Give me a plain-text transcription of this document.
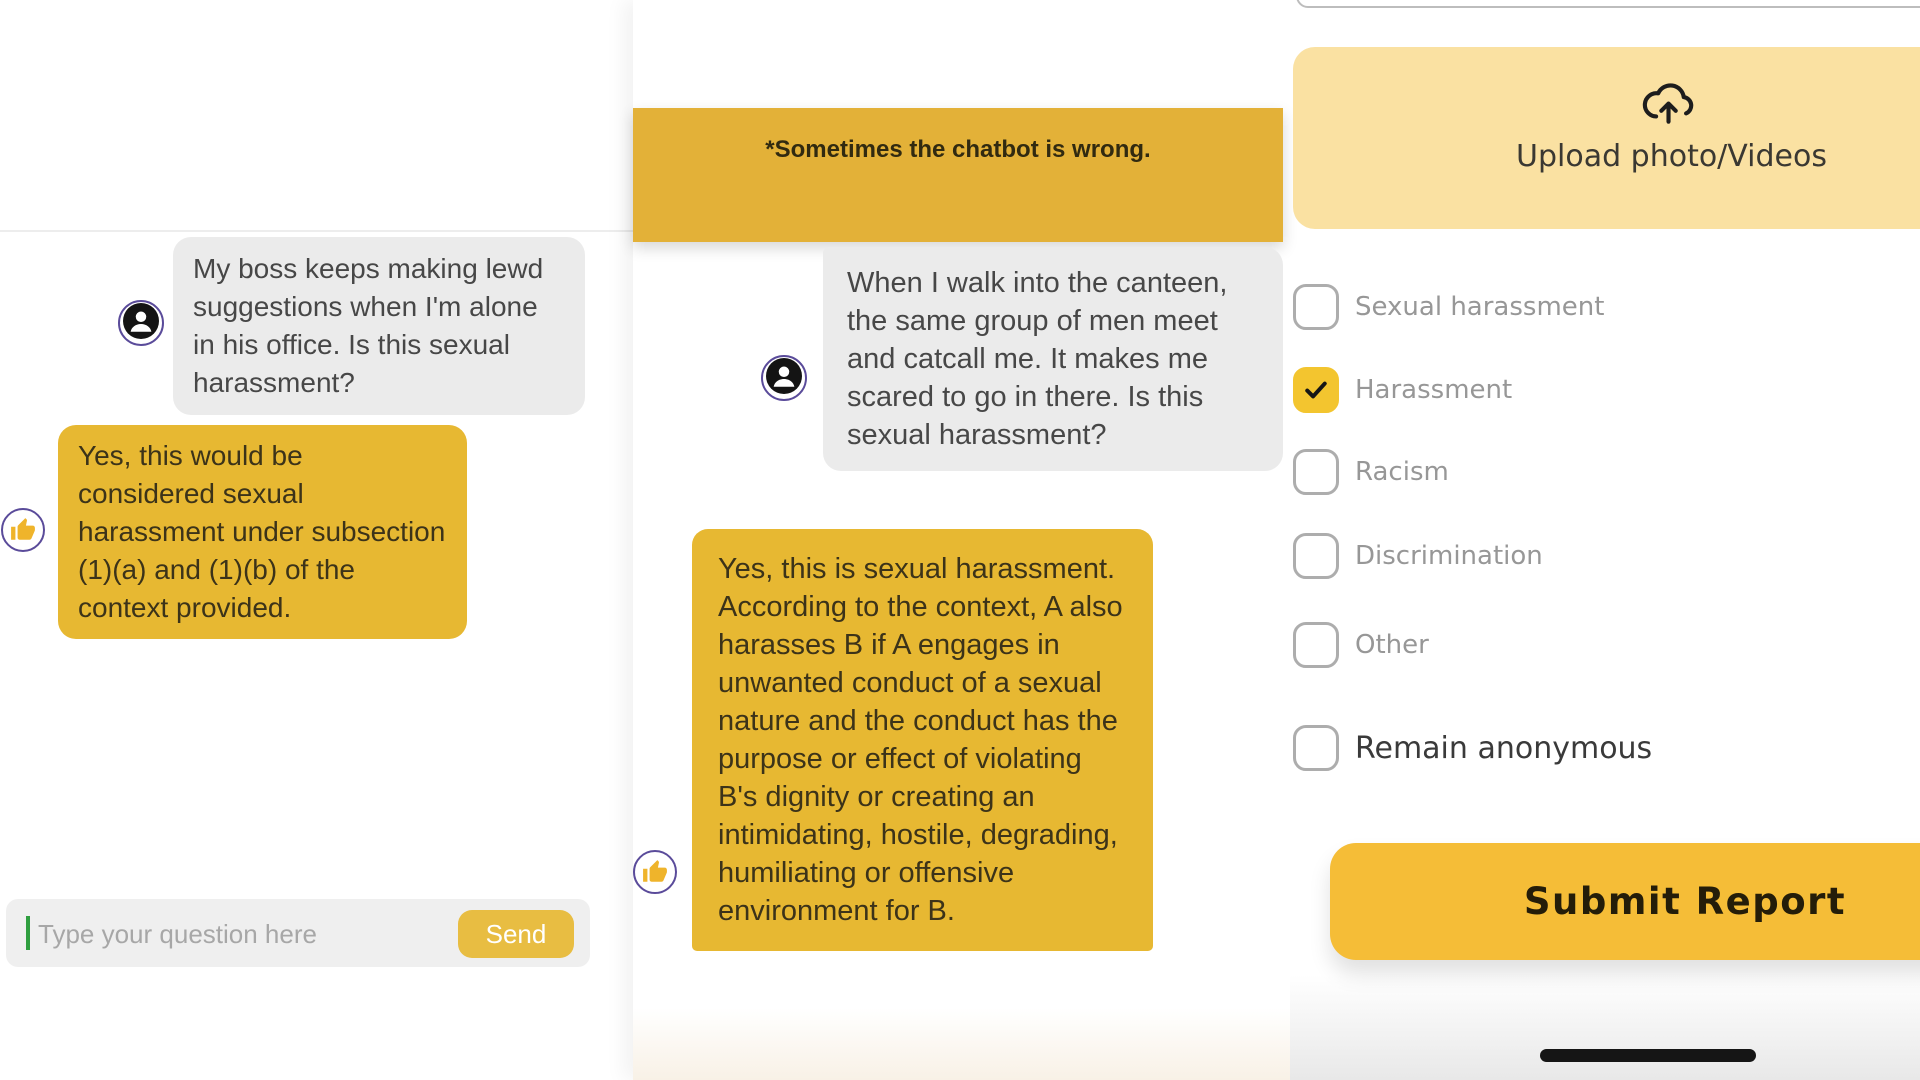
My boss keeps making lewd suggestions when I'm alone in his office. Is this sexual harassment?
Yes, this would be considered sexual harassment under subsection (1)(a) and (1)(b) of the context provided.
Type your question here
Send
*Sometimes the chatbot is wrong.
When I walk into the canteen, the same group of men meet and catcall me. It makes me scared to go in there. Is this sexual harassment?
Yes, this is sexual harassment. According to the context, A also harasses B if A engages in unwanted conduct of a sexual nature and the conduct has the purpose or effect of violating B's dignity or creating an intimidating, hostile, degrading, humiliating or offensive environment for B.
Upload photo/Videos
Sexual harassment
Harassment
Racism
Discrimination
Other
Remain anonymous
Submit Report
